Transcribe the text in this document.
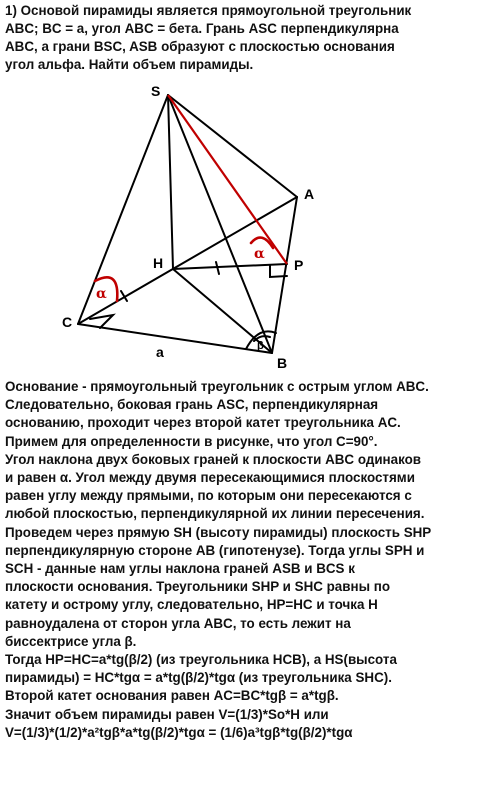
1) Основой пирамиды является прямоугольной треугольник
ABC; BC = a, угол ABC = бета. Грань ASC перпендикулярна
ABC, а грани BSC, ASB образуют с плоскостью основания
угол альфа. Найти объем пирамиды.
S
A
H	P
C
B
a
α
α
β
Основание - прямоугольный треугольник с острым углом ABC.
Следовательно, боковая грань ASC, перпендикулярная
основанию, проходит через второй катет треугольника AC.
Примем для определенности в рисунке, что угол C=90°.
Угол наклона двух боковых граней к плоскости ABC одинаков
и равен α. Угол между двумя пересекающимися плоскостями
равен углу между прямыми, по которым они пересекаются с
любой плоскостью, перпендикулярной их линии пересечения.
Проведем через прямую SH (высоту пирамиды) плоскость SHP
перпендикулярную стороне AB (гипотенузе). Тогда углы SPH и
SCH - данные нам углы наклона граней ASB и BCS к
плоскости основания. Треугольники SHP и SHC равны по
катету и острому углу, следовательно, HP=HC и точка H
равноудалена от сторон угла ABC, то есть лежит на
биссектрисе угла β.
Тогда HP=HC=a*tg(β/2) (из треугольника HCB), а HS(высота
пирамиды) = HC*tgα = a*tg(β/2)*tgα (из треугольника SHC).
Второй катет основания равен AC=BC*tgβ = a*tgβ.
Значит объем пирамиды равен V=(1/3)*So*H или
V=(1/3)*(1/2)*a²tgβ*a*tg(β/2)*tgα = (1/6)a³tgβ*tg(β/2)*tgα
